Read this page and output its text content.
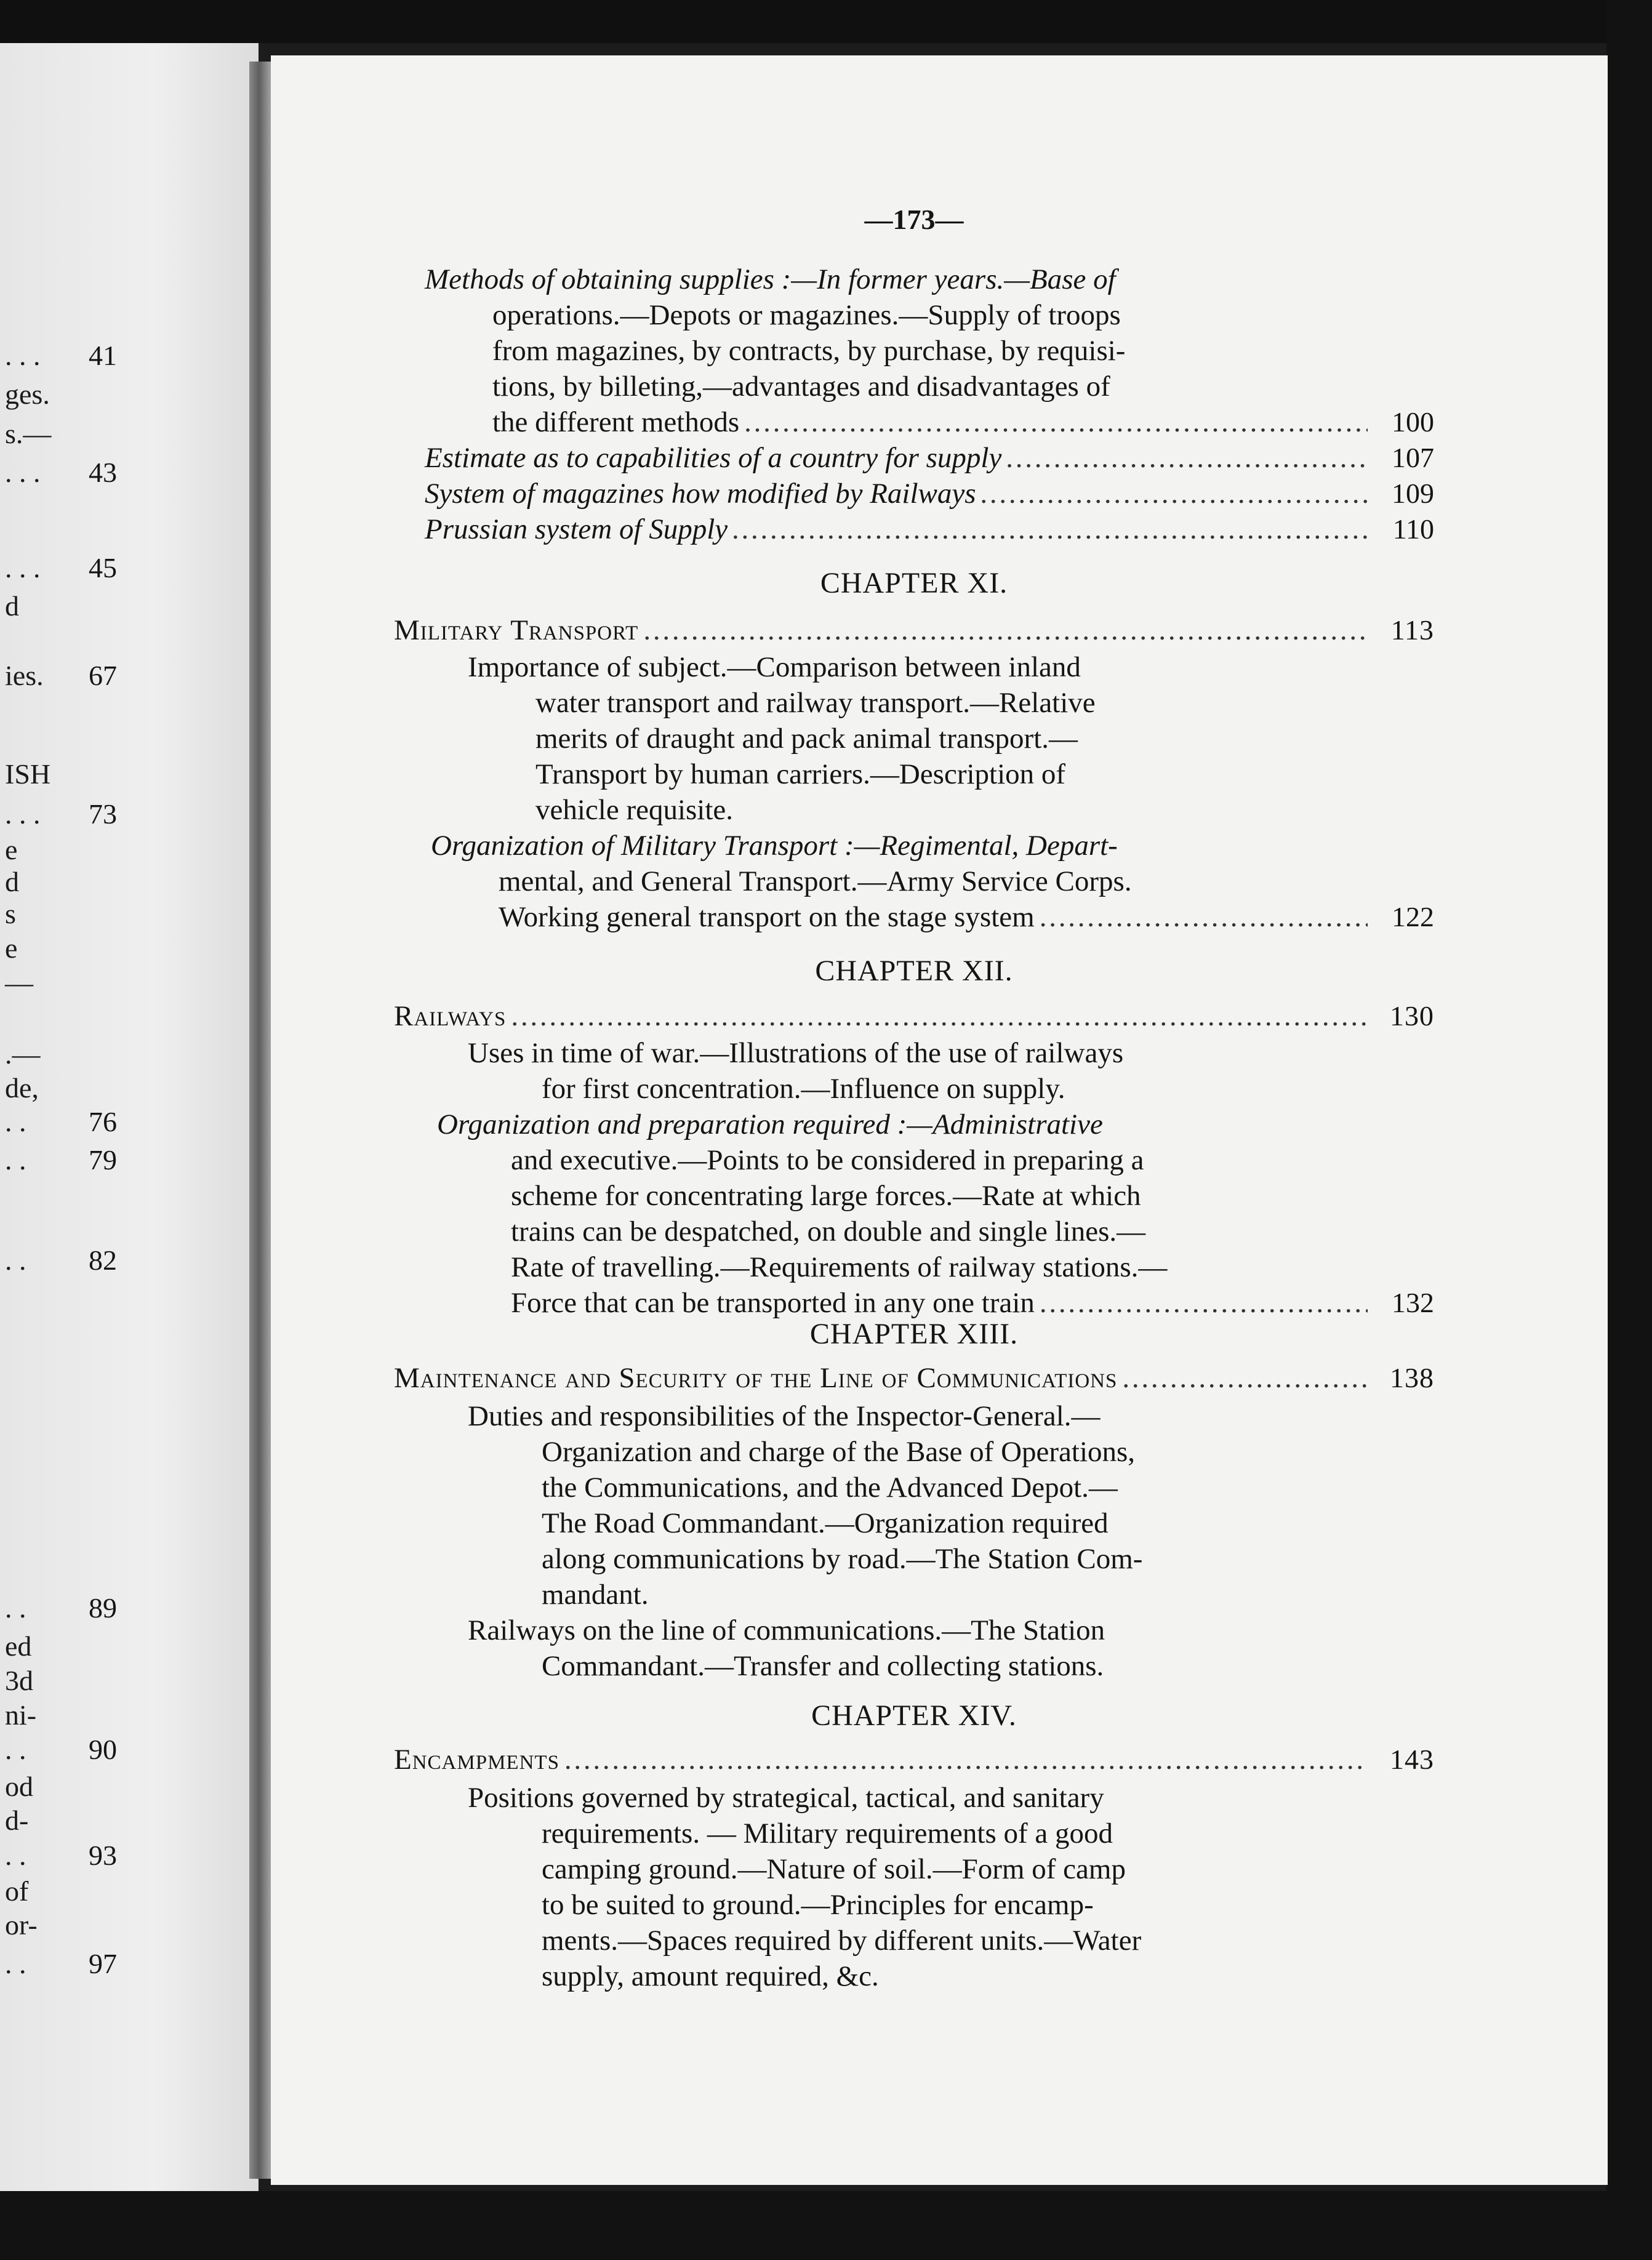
. . .	41
ges.
s.—
. . .	43
. . .	45
d
ies.	67
ISH
. . .	73
e
d
s
e
—
.—
de,
. .	76
. .	79
. .	82
. .	89
ed
3d
ni-
. .	90
od
d-
. .	93
of
or-
. .	97
—173—
Methods of obtaining supplies :—In former years.—Base of
operations.—Depots or magazines.—Supply of troops
from magazines, by contracts, by purchase, by requisi-
tions, by billeting,—advantages and disadvantages of
the different methods . . .	100
Estimate as to capabilities of a country for supply . . .	107
System of magazines how modified by Railways . . .	109
Prussian system of Supply . . .	110
CHAPTER XI.
Military Transport . . .	113
Importance of subject.—Comparison between inland
water transport and railway transport.—Relative
merits of draught and pack animal transport.—
Transport by human carriers.—Description of
vehicle requisite.
Organization of Military Transport :—Regimental, Depart-
mental, and General Transport.—Army Service Corps.
Working general transport on the stage system . . .	122
CHAPTER XII.
Railways . . .	130
Uses in time of war.—Illustrations of the use of railways
for first concentration.—Influence on supply.
Organization and preparation required :—Administrative
and executive.—Points to be considered in preparing a
scheme for concentrating large forces.—Rate at which
trains can be despatched, on double and single lines.—
Rate of travelling.—Requirements of railway stations.—
Force that can be transported in any one train . . .	132
CHAPTER XIII.
Maintenance and Security of the Line of Communications . . .	138
Duties and responsibilities of the Inspector-General.—
Organization and charge of the Base of Operations,
the Communications, and the Advanced Depot.—
The Road Commandant.—Organization required
along communications by road.—The Station Com-
mandant.
Railways on the line of communications.—The Station
Commandant.—Transfer and collecting stations.
CHAPTER XIV.
Encampments . . .	143
Positions governed by strategical, tactical, and sanitary
requirements. — Military requirements of a good
camping ground.—Nature of soil.—Form of camp
to be suited to ground.—Principles for encamp-
ments.—Spaces required by different units.—Water
supply, amount required, &c.
